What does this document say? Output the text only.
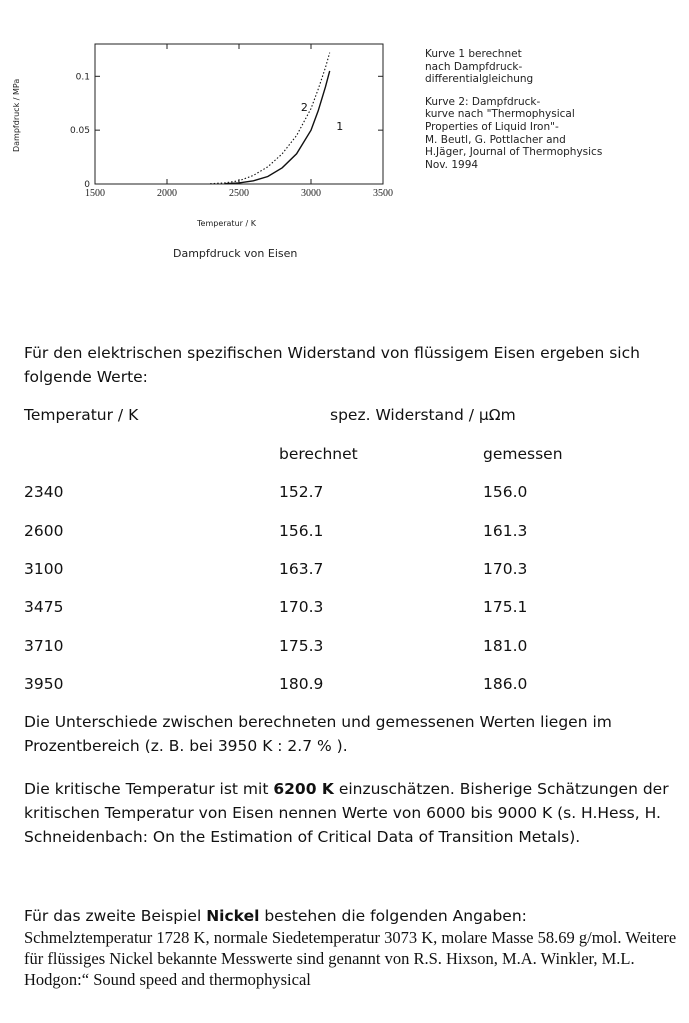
1500	2000	2500	3000	3500
0
0.05
0.1
1
2
Dampfdruck / MPa
Temperatur / K
Dampfdruck von Eisen

Kurve 1 berechnet
nach Dampfdruck-
differentialgleichung

Kurve 2: Dampfdruck-
kurve nach "Thermophysical
Properties of Liquid Iron"-
M. Beutl, G. Pottlacher and
H.Jäger, Journal of Thermophysics
Nov. 1994

Für den elektrischen spezifischen Widerstand von flüssigem Eisen ergeben sich folgende Werte:
Temperatur / K	spez. Widerstand / µΩm
berechnet	gemessen
2340	152.7	156.0
2600	156.1	161.3
3100	163.7	170.3
3475	170.3	175.1
3710	175.3	181.0
3950	180.9	186.0
Die Unterschiede zwischen berechneten und gemessenen Werten liegen im Prozentbereich (z. B. bei 3950 K : 2.7 % ).
Die kritische Temperatur ist mit 6200 K einzuschätzen. Bisherige Schätzungen der kritischen Temperatur von Eisen nennen Werte von 6000 bis 9000 K (s. H.Hess, H. Schneidenbach: On the Estimation of Critical Data of Transition Metals).
Für das zweite Beispiel Nickel bestehen die folgenden Angaben:
Schmelztemperatur 1728 K, normale Siedetemperatur 3073 K, molare Masse 58.69 g/mol. Weitere für flüssiges Nickel bekannte Messwerte sind genannt von R.S. Hixson, M.A. Winkler, M.L. Hodgon:“ Sound speed and thermophysical
